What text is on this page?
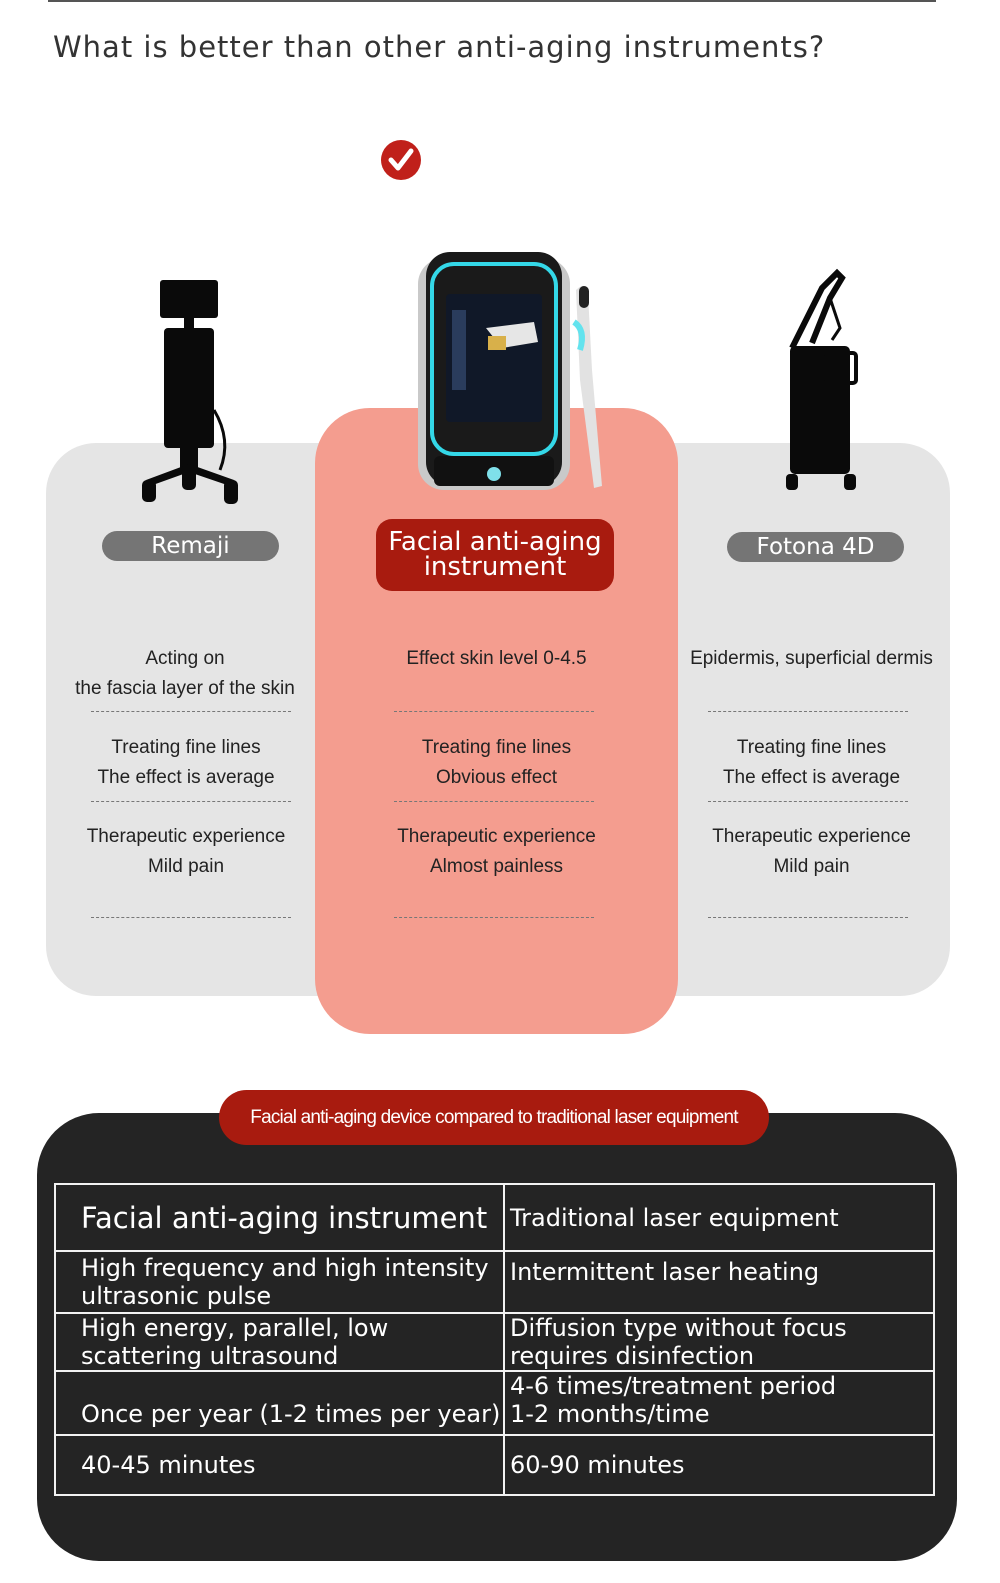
What is better than other anti-aging instruments?
Remaji	Facial anti-aging
instrument
Fotona 4D
Acting on
the fascia layer of the skin
Treating fine lines
The effect is average
Therapeutic experience
Mild pain
Effect skin level 0-4.5
Treating fine lines
Obvious effect
Therapeutic experience
Almost painless
Epidermis, superficial dermis
Treating fine lines
The effect is average
Therapeutic experience
Mild pain
Facial anti-aging device compared to traditional laser equipment
Facial anti-aging instrument	Traditional laser equipment
High frequency and high intensity ultrasonic pulse	Intermittent laser heating
High energy, parallel, low scattering ultrasound	Diffusion type without focus requires disinfection
Once per year (1-2 times per year)	4-6 times/treatment period
1-2 months/time
40-45 minutes	60-90 minutes
